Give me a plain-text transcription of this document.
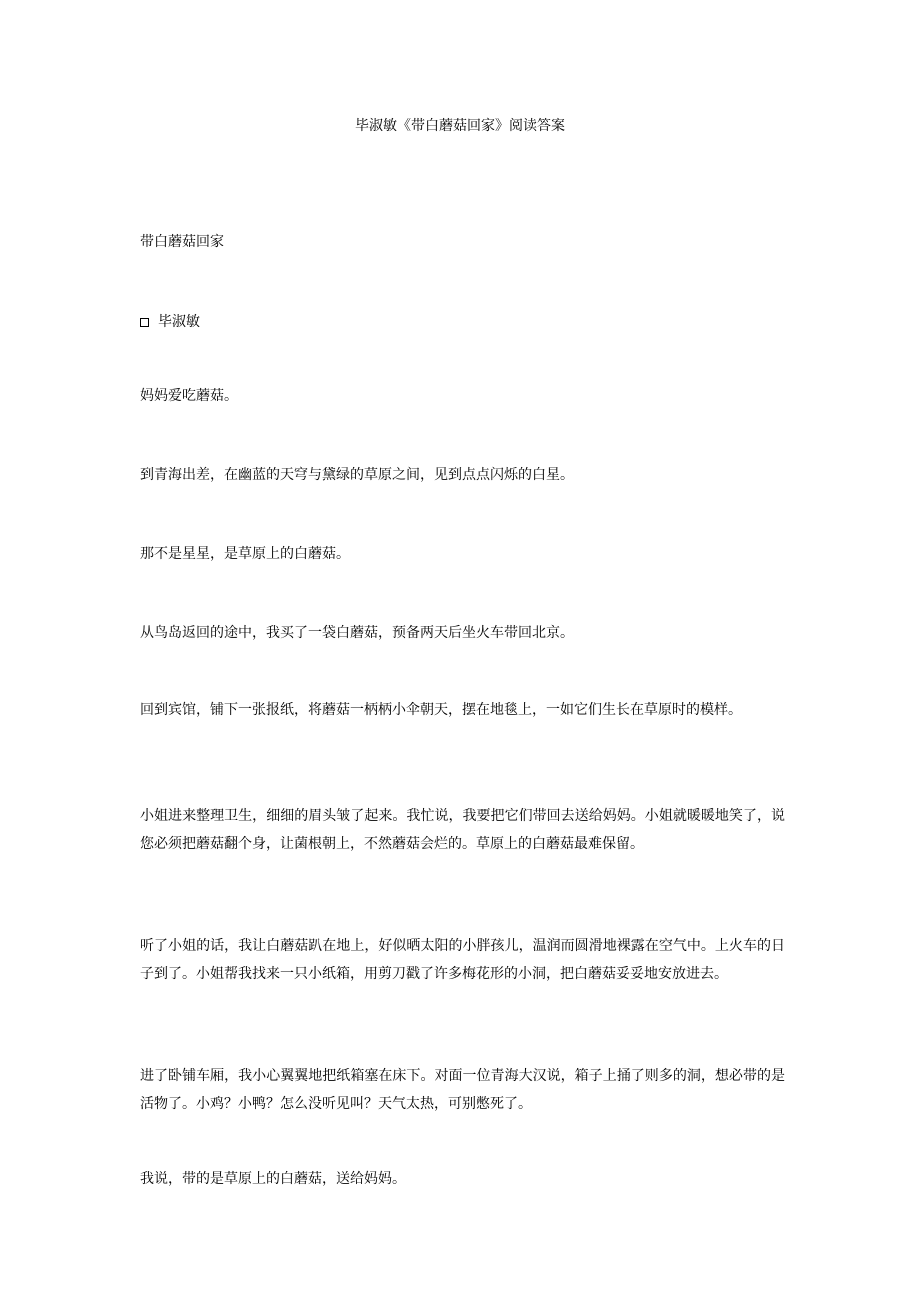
毕淑敏《带白蘑菇回家》阅读答案

带白蘑菇回家

毕淑敏

妈妈爱吃蘑菇。

到青海出差，在幽蓝的天穹与黛绿的草原之间，见到点点闪烁的白星。

那不是星星，是草原上的白蘑菇。

从鸟岛返回的途中，我买了一袋白蘑菇，预备两天后坐火车带回北京。

回到宾馆，铺下一张报纸，将蘑菇一柄柄小伞朝天，摆在地毯上，一如它们生长在草原时的模样。

小姐进来整理卫生，细细的眉头皱了起来。我忙说，我要把它们带回去送给妈妈。小姐就暖暖地笑了，说您必须把蘑菇翻个身，让菌根朝上，不然蘑菇会烂的。草原上的白蘑菇最难保留。

听了小姐的话，我让白蘑菇趴在地上，好似晒太阳的小胖孩儿，温润而圆滑地裸露在空气中。上火车的日子到了。小姐帮我找来一只小纸箱，用剪刀戳了许多梅花形的小洞，把白蘑菇妥妥地安放进去。

进了卧铺车厢，我小心翼翼地把纸箱塞在床下。对面一位青海大汉说，箱子上捅了则多的洞，想必带的是活物了。小鸡？小鸭？怎么没听见叫？天气太热，可别憋死了。

我说，带的是草原上的白蘑菇，送给妈妈。
